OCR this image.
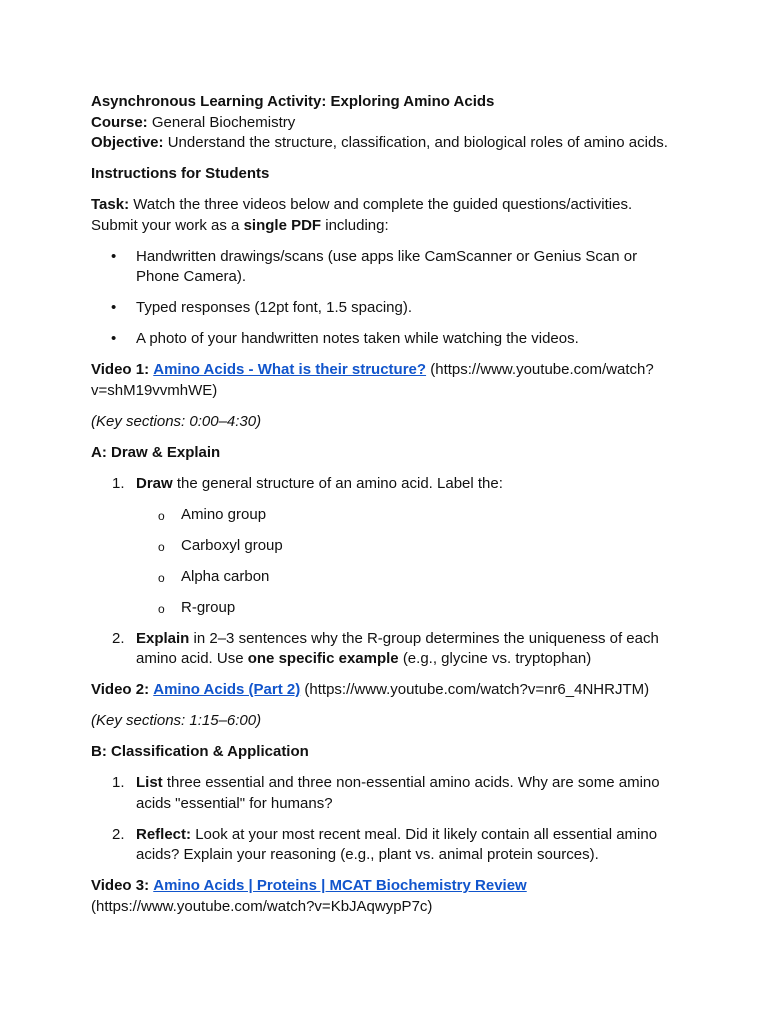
Asynchronous Learning Activity: Exploring Amino Acids

Course: General Biochemistry

Objective: Understand the structure, classification, and biological roles of amino acids.

Instructions for Students

Task: Watch the three videos below and complete the guided questions/activities. Submit your work as a single PDF including:

• Handwritten drawings/scans (use apps like CamScanner or Genius Scan or Phone Camera).
• Typed responses (12pt font, 1.5 spacing).
• A photo of your handwritten notes taken while watching the videos.

Video 1: Amino Acids - What is their structure? (https://www.youtube.com/watch?v=shM19vvmhWE)

(Key sections: 0:00–4:30)

A: Draw & Explain

1. Draw the general structure of an amino acid. Label the:
o Amino group
o Carboxyl group
o Alpha carbon
o R-group
2. Explain in 2–3 sentences why the R-group determines the uniqueness of each amino acid. Use one specific example (e.g., glycine vs. tryptophan)

Video 2: Amino Acids (Part 2) (https://www.youtube.com/watch?v=nr6_4NHRJTM)

(Key sections: 1:15–6:00)

B: Classification & Application

1. List three essential and three non-essential amino acids. Why are some amino acids "essential" for humans?
2. Reflect: Look at your most recent meal. Did it likely contain all essential amino acids? Explain your reasoning (e.g., plant vs. animal protein sources).

Video 3: Amino Acids | Proteins | MCAT Biochemistry Review
(https://www.youtube.com/watch?v=KbJAqwypP7c)
